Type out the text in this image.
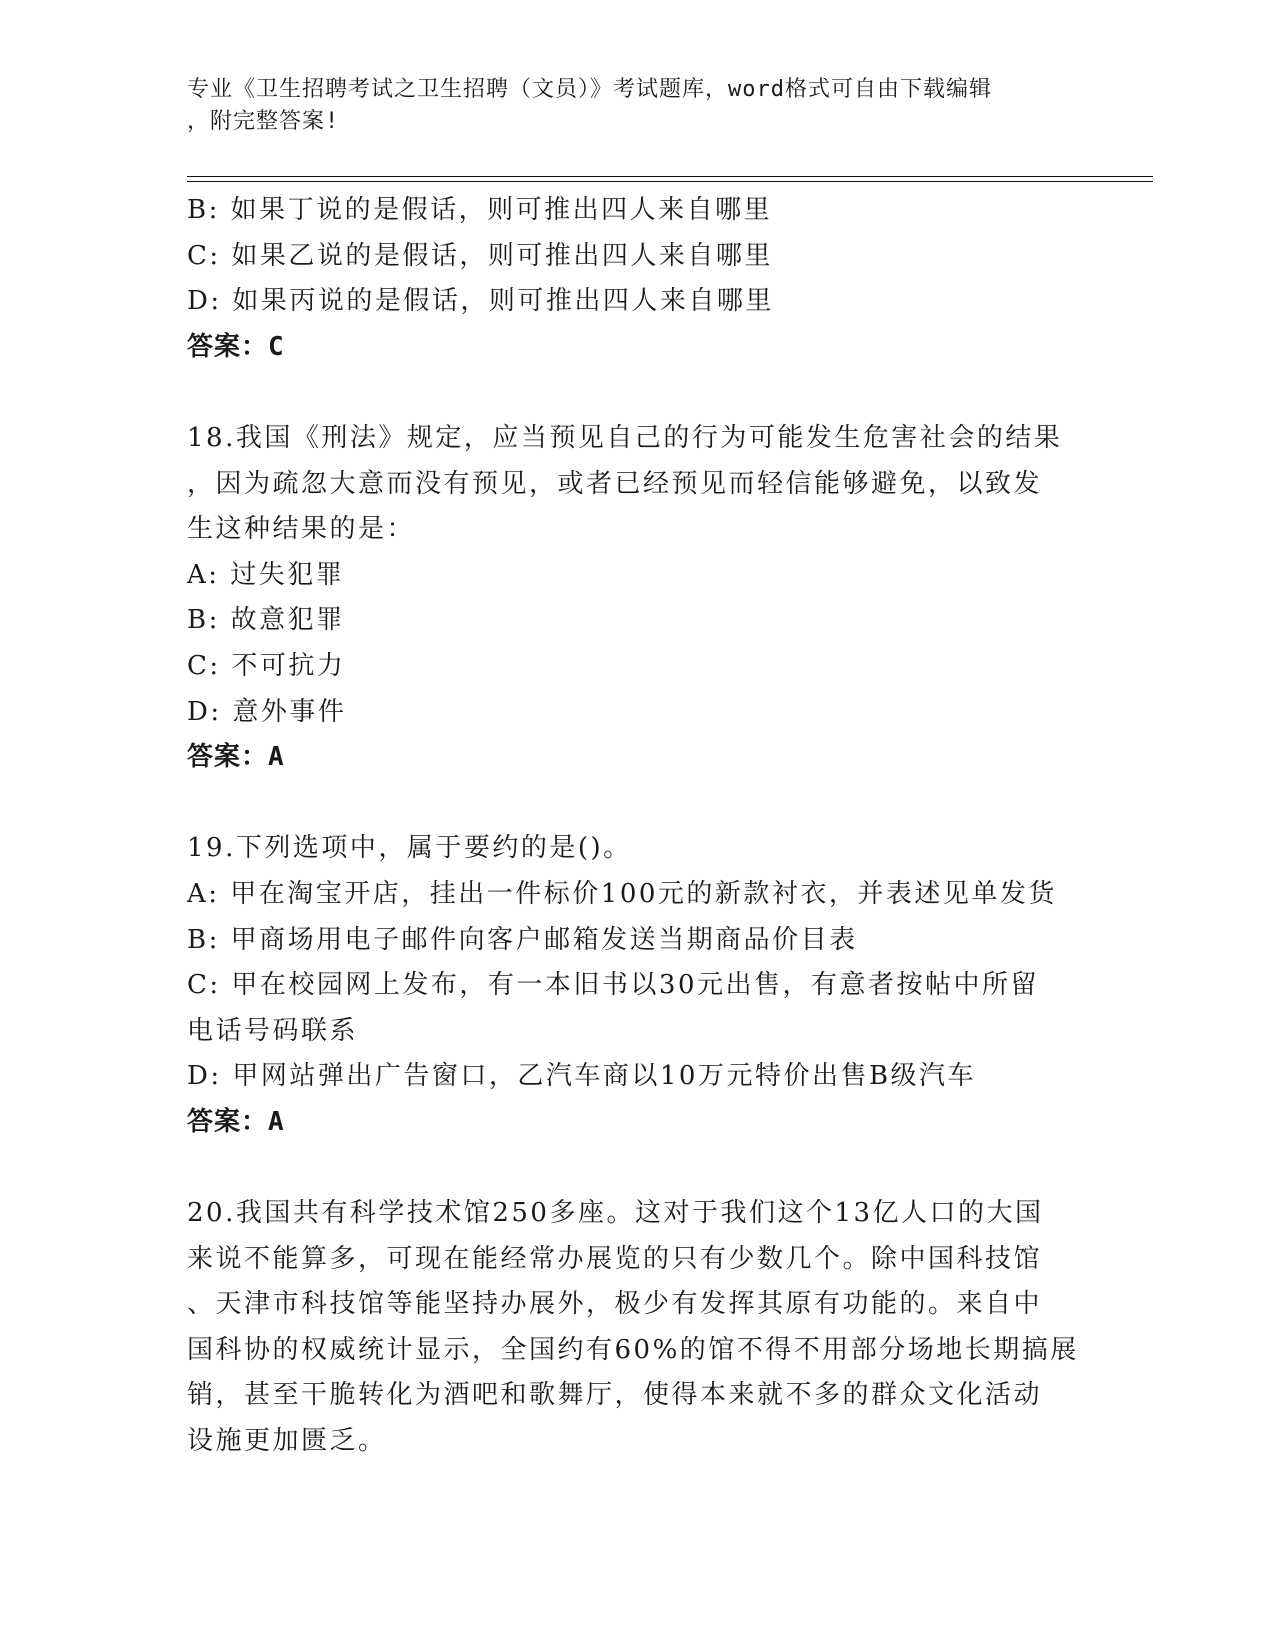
专业《卫生招聘考试之卫生招聘（文员）》考试题库，word格式可自由下载编辑
，附完整答案!
B: 如果丁说的是假话，则可推出四人来自哪里
C: 如果乙说的是假话，则可推出四人来自哪里
D: 如果丙说的是假话，则可推出四人来自哪里
答案：C
18.我国《刑法》规定，应当预见自己的行为可能发生危害社会的结果
，因为疏忽大意而没有预见，或者已经预见而轻信能够避免，以致发
生这种结果的是：
A: 过失犯罪
B: 故意犯罪
C: 不可抗力
D: 意外事件
答案：A
19.下列选项中，属于要约的是()。
A: 甲在淘宝开店，挂出一件标价100元的新款衬衣，并表述见单发货
B: 甲商场用电子邮件向客户邮箱发送当期商品价目表
C: 甲在校园网上发布，有一本旧书以30元出售，有意者按帖中所留
电话号码联系
D: 甲网站弹出广告窗口，乙汽车商以10万元特价出售B级汽车
答案：A
20.我国共有科学技术馆250多座。这对于我们这个13亿人口的大国
来说不能算多，可现在能经常办展览的只有少数几个。除中国科技馆
、天津市科技馆等能坚持办展外，极少有发挥其原有功能的。来自中
国科协的权威统计显示，全国约有60%的馆不得不用部分场地长期搞展
销，甚至干脆转化为酒吧和歌舞厅，使得本来就不多的群众文化活动
设施更加匮乏。
